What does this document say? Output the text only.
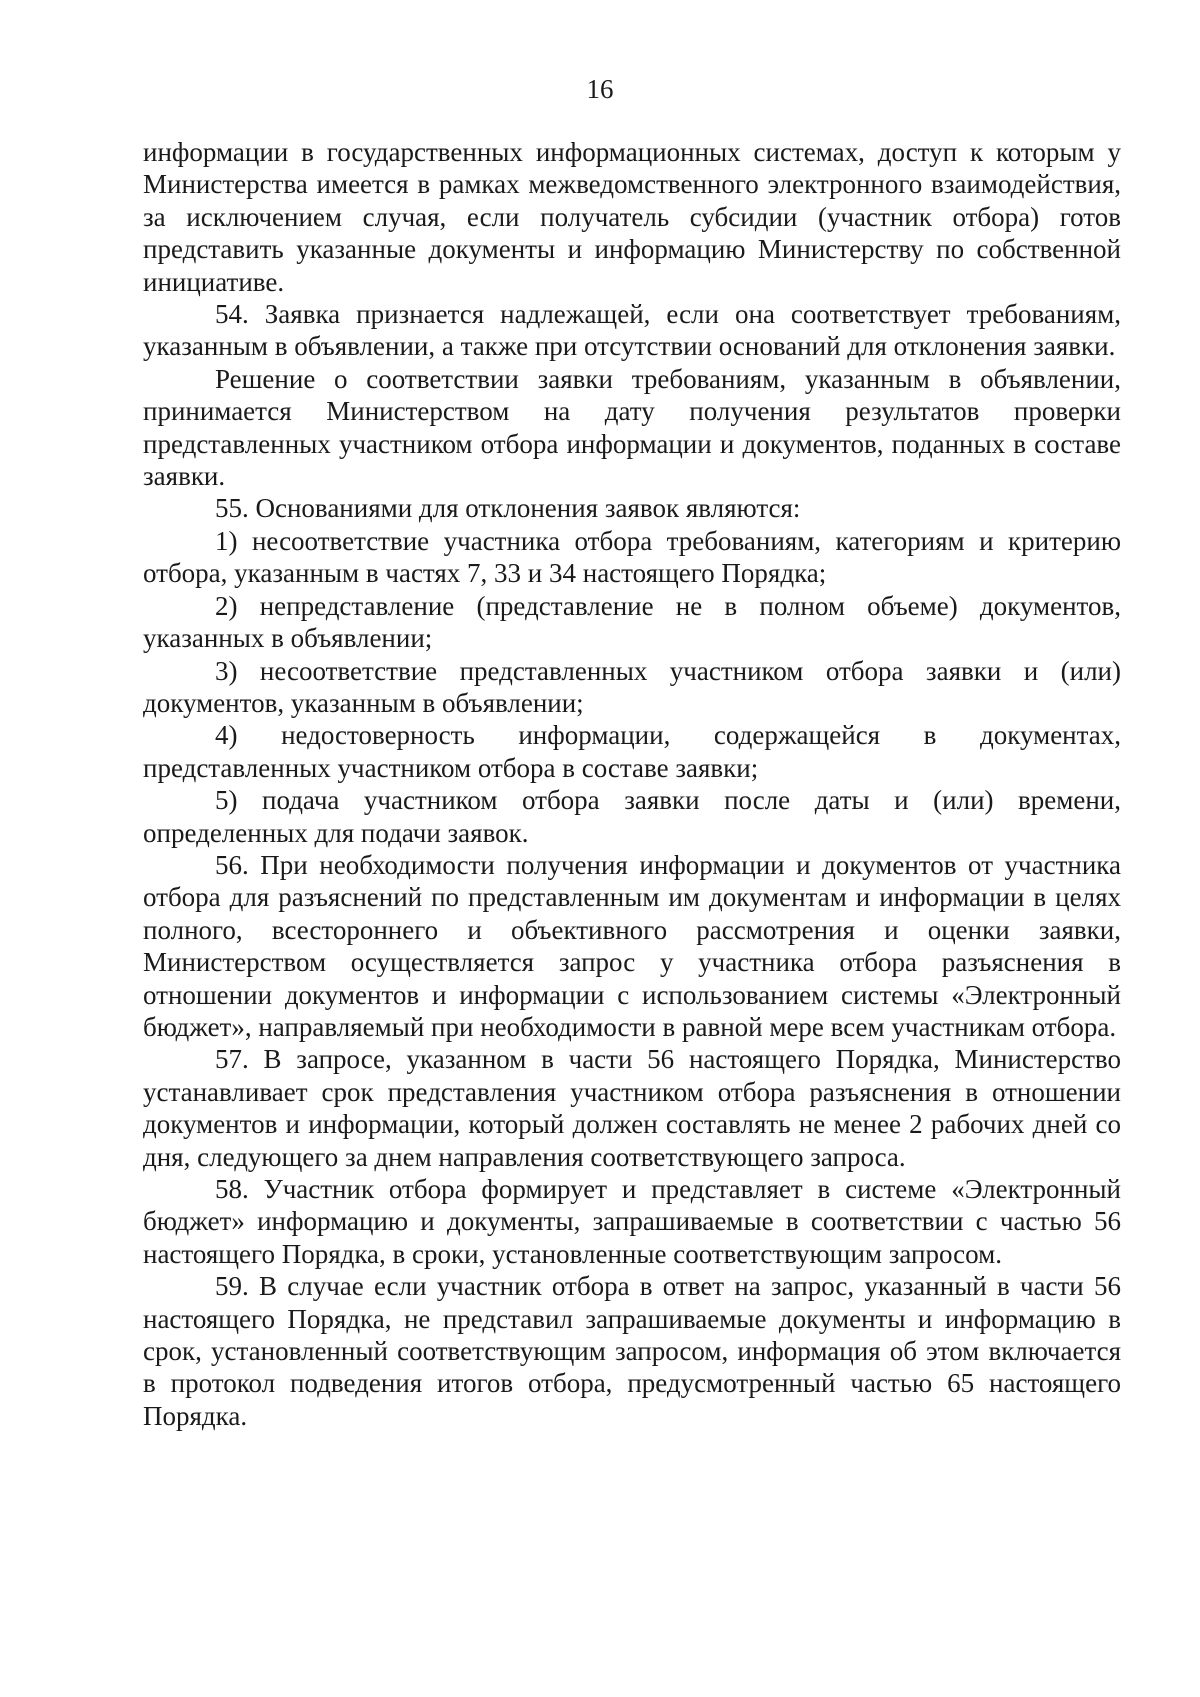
16

информации в государственных информационных системах, доступ к которым у Министерства имеется в рамках межведомственного электронного взаимодействия, за исключением случая, если получатель субсидии (участник отбора) готов представить указанные документы и информацию Министерству по собственной инициативе.

54. Заявка признается надлежащей, если она соответствует требованиям, указанным в объявлении, а также при отсутствии оснований для отклонения заявки.

Решение о соответствии заявки требованиям, указанным в объявлении, принимается Министерством на дату получения результатов проверки представленных участником отбора информации и документов, поданных в составе заявки.

55. Основаниями для отклонения заявок являются:

1) несоответствие участника отбора требованиям, категориям и критерию отбора, указанным в частях 7, 33 и 34 настоящего Порядка;

2) непредставление (представление не в полном объеме) документов, указанных в объявлении;

3) несоответствие представленных участником отбора заявки и (или) документов, указанным в объявлении;

4) недостоверность информации, содержащейся в документах, представленных участником отбора в составе заявки;

5) подача участником отбора заявки после даты и (или) времени, определенных для подачи заявок.

56. При необходимости получения информации и документов от участника отбора для разъяснений по представленным им документам и информации в целях полного, всестороннего и объективного рассмотрения и оценки заявки, Министерством осуществляется запрос у участника отбора разъяснения в отношении документов и информации с использованием системы «Электронный бюджет», направляемый при необходимости в равной мере всем участникам отбора.

57. В запросе, указанном в части 56 настоящего Порядка, Министерство устанавливает срок представления участником отбора разъяснения в отношении документов и информации, который должен составлять не менее 2 рабочих дней со дня, следующего за днем направления соответствующего запроса.

58. Участник отбора формирует и представляет в системе «Электронный бюджет» информацию и документы, запрашиваемые в соответствии с частью 56 настоящего Порядка, в сроки, установленные соответствующим запросом.

59. В случае если участник отбора в ответ на запрос, указанный в части 56 настоящего Порядка, не представил запрашиваемые документы и информацию в срок, установленный соответствующим запросом, информация об этом включается в протокол подведения итогов отбора, предусмотренный частью 65 настоящего Порядка.
